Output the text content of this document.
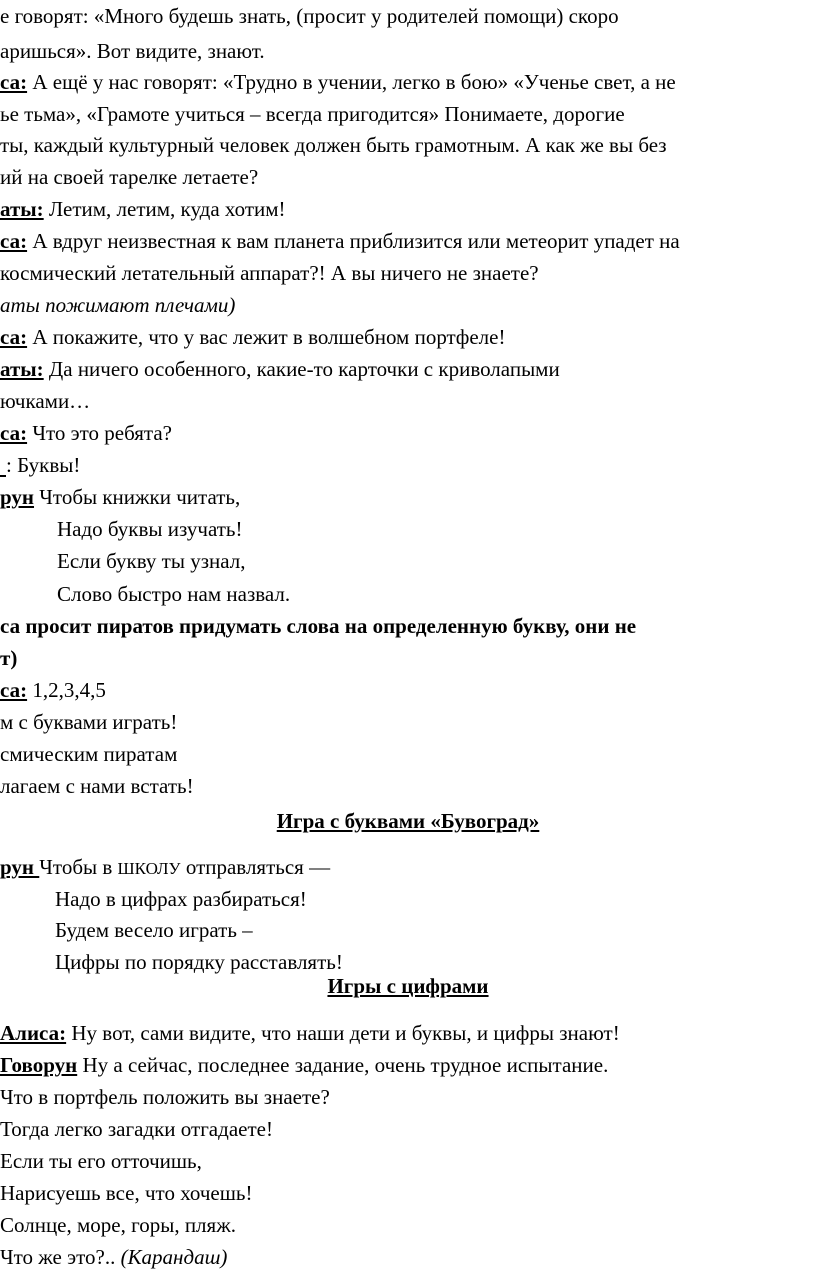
е говорят: «Много будешь знать, (просит у родителей помощи) скоро
аришься». Вот видите, знают.
са: А ещё у нас говорят: «Трудно в учении, легко в бою» «Ученье свет, а не
ье тьма», «Грамоте учиться – всегда пригодится» Понимаете, дорогие
ты, каждый культурный человек должен быть грамотным. А как же вы без
ий на своей тарелке летаете?
аты: Летим, летим, куда хотим!
са: А вдруг неизвестная к вам планета приблизится или метеорит упадет на
космический летательный аппарат?! А вы ничего не знаете?
аты пожимают плечами)
са: А покажите, что у вас лежит в волшебном портфеле!
аты: Да ничего особенного, какие-то карточки с криволапыми
ючками…
са: Что это ребята?
: Буквы!
рун Чтобы книжки читать,
Надо буквы изучать!
Если букву ты узнал,
Слово быстро нам назвал.
са просит пиратов придумать слова на определенную букву, они не
т)
са: 1,2,3,4,5
м с буквами играть!
смическим пиратам
лагаем с нами встать!
Игра с буквами «Бувоград»
рун Чтобы в ШКОЛУ отправляться —
Надо в цифрах разбираться!
Будем весело играть –
Цифры по порядку расставлять!
Игры с цифрами
Алиса: Ну вот, сами видите, что наши дети и буквы, и цифры знают!
Говорун Ну а сейчас, последнее задание, очень трудное испытание.
Что в портфель положить вы знаете?
Тогда легко загадки отгадаете!
Если ты его отточишь,
Нарисуешь все, что хочешь!
Солнце, море, горы, пляж.
Что же это?.. (Карандаш)
